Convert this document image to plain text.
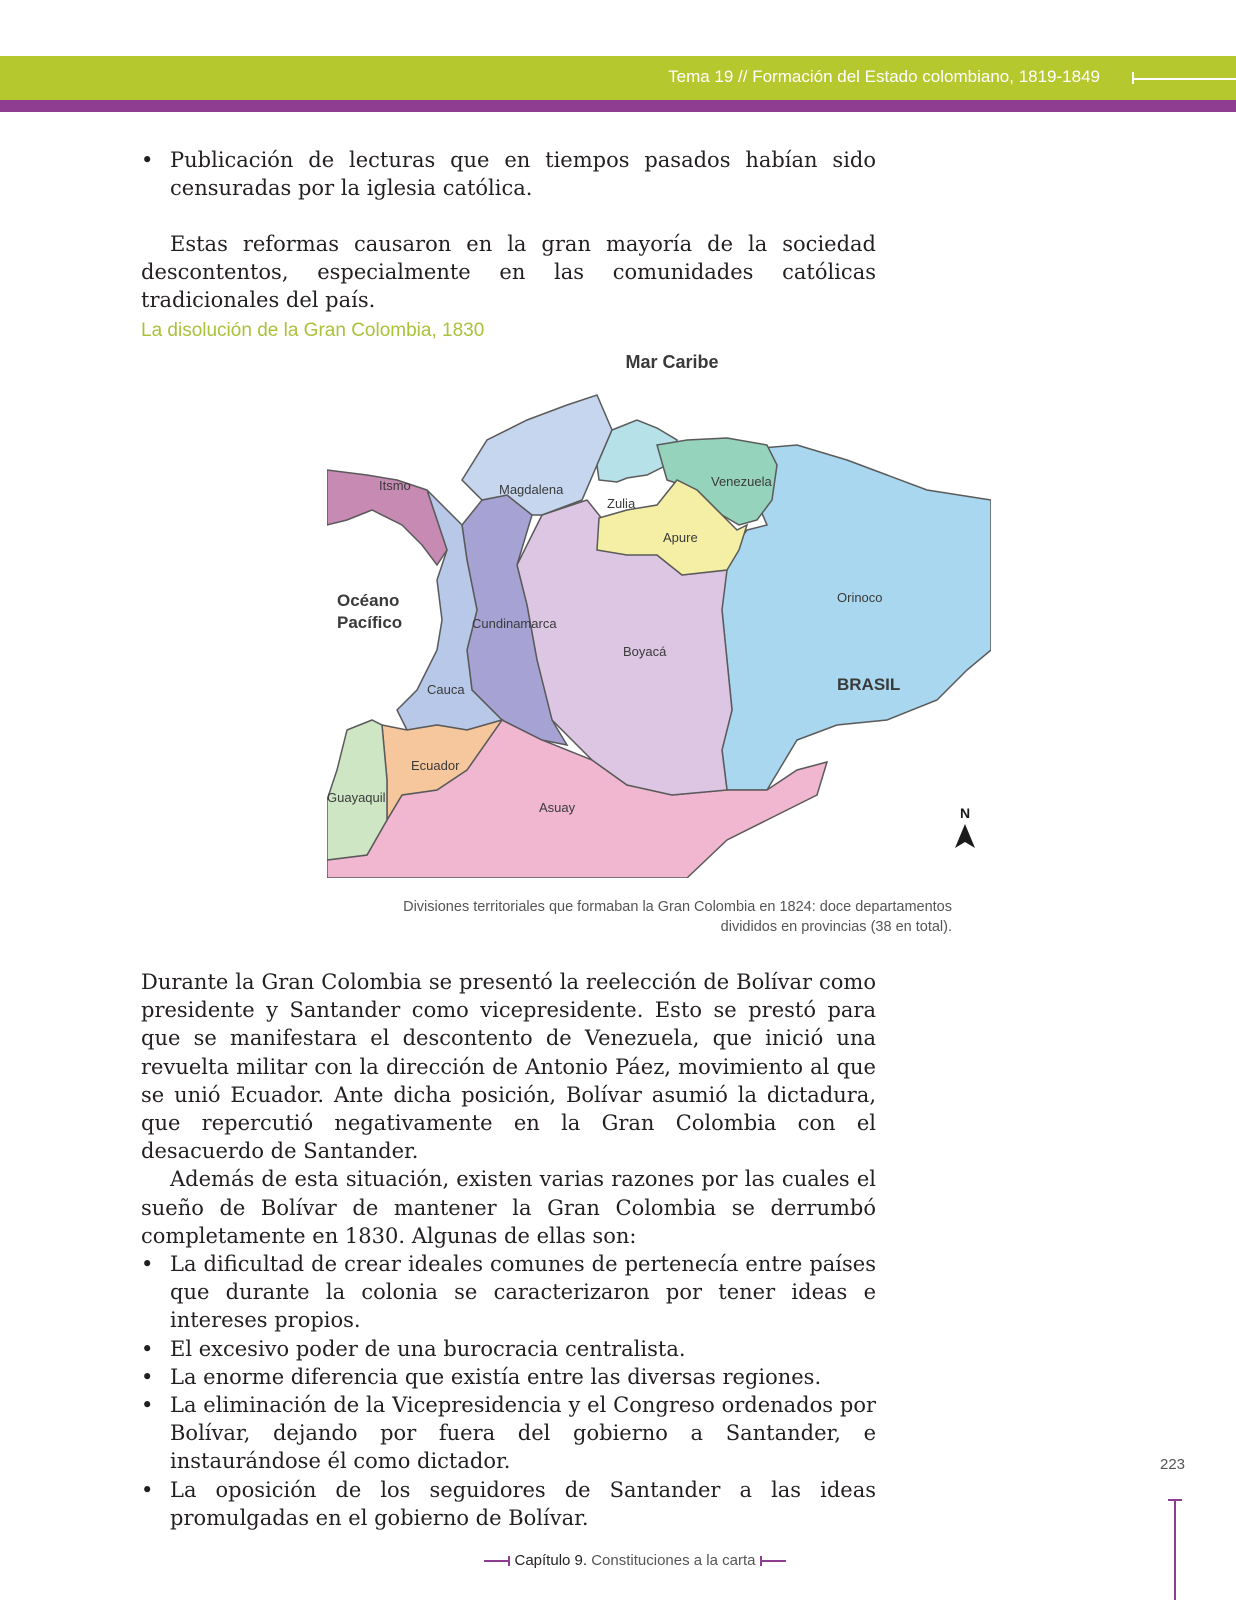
Tema 19 // Formación del Estado colombiano, 1819-1849
• Publicación de lecturas que en tiempos pasados habían sido censuradas por la iglesia católica.

Estas reformas causaron en la gran mayoría de la sociedad descontentos, especialmente en las comunidades católicas tradicionales del país.

La disolución de la Gran Colombia, 1830
Mar Caribe
Océano
Pacífico
BRASIL
Itsmo	Magdalena
Zulia
Venezuela
Apure
Orinoco
Cundinamarca
Boyacá
Cauca
Ecuador
Guayaquil
Asuay	N
Divisiones territoriales que formaban la Gran Colombia en 1824: doce departamentos
divididos en provincias (38 en total).

Durante la Gran Colombia se presentó la reelección de Bolívar como presidente y Santander como vicepresidente. Esto se prestó para que se manifestara el descontento de Venezuela, que inició una revuelta militar con la dirección de Antonio Páez, movimiento al que se unió Ecuador. Ante dicha posición, Bolívar asumió la dictadura, que repercutió negativamente en la Gran Colombia con el desacuerdo de Santander.

Además de esta situación, existen varias razones por las cuales el sueño de Bolívar de mantener la Gran Colombia se derrumbó completamente en 1830. Algunas de ellas son:

• La dificultad de crear ideales comunes de pertenecía entre países que durante la colonia se caracterizaron por tener ideas e intereses propios.
• El excesivo poder de una burocracia centralista.
• La enorme diferencia que existía entre las diversas regiones.
• La eliminación de la Vicepresidencia y el Congreso ordenados por Bolívar, dejando por fuera del gobierno a Santander, e instaurándose él como dictador.
• La oposición de los seguidores de Santander a las ideas promulgadas en el gobierno de Bolívar.
223
Capítulo 9. Constituciones a la carta
